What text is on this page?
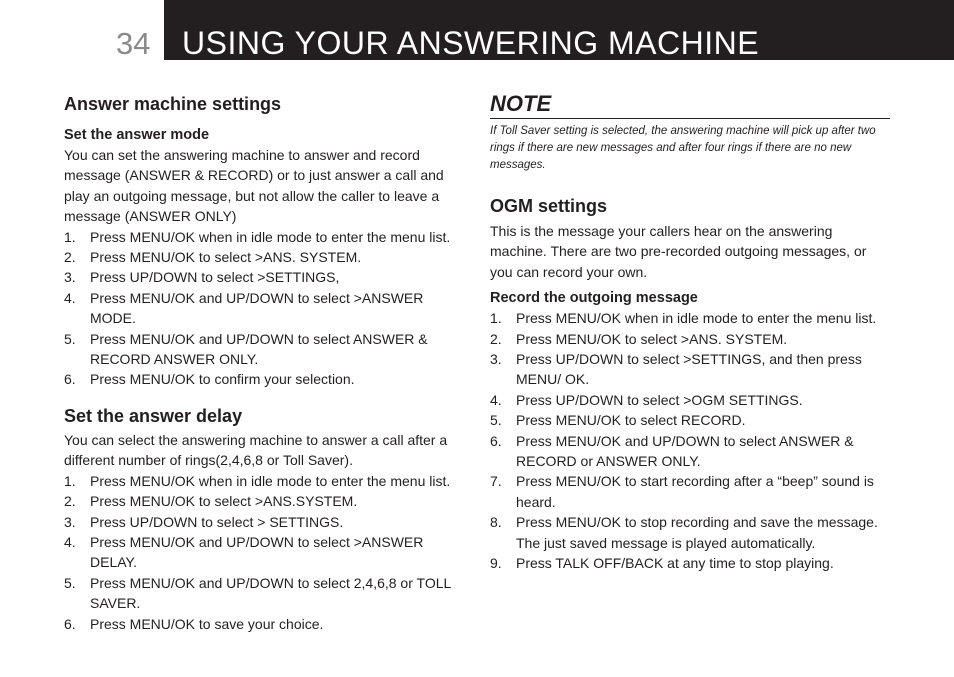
34 USING YOUR ANSWERING MACHINE
Answer machine settings
Set the answer mode

You can set the answering machine to answer and record message (ANSWER & RECORD) or to just answer a call and play an outgoing message, but not allow the caller to leave a message (ANSWER ONLY)

1. Press MENU/OK when in idle mode to enter the menu list.
2. Press MENU/OK to select >ANS. SYSTEM.
3. Press UP/DOWN to select >SETTINGS,
4. Press MENU/OK and UP/DOWN to select >ANSWER MODE.
5. Press MENU/OK and UP/DOWN to select ANSWER & RECORD ANSWER ONLY.
6. Press MENU/OK to confirm your selection.
Set the answer delay

You can select the answering machine to answer a call after a different number of rings(2,4,6,8 or Toll Saver).

1. Press MENU/OK when in idle mode to enter the menu list.
2. Press MENU/OK to select >ANS.SYSTEM.
3. Press UP/DOWN to select > SETTINGS.
4. Press MENU/OK and UP/DOWN to select >ANSWER DELAY.
5. Press MENU/OK and UP/DOWN to select 2,4,6,8 or TOLL SAVER.
6. Press MENU/OK to save your choice.
NOTE

If Toll Saver setting is selected, the answering machine will pick up after two rings if there are new messages and after four rings if there are no new messages.

OGM settings

This is the message your callers hear on the answering machine. There are two pre-recorded outgoing messages, or you can record your own.

Record the outgoing message
1. Press MENU/OK when in idle mode to enter the menu list.
2. Press MENU/OK to select >ANS. SYSTEM.
3. Press UP/DOWN to select >SETTINGS, and then press MENU/ OK.
4. Press UP/DOWN to select >OGM SETTINGS.
5. Press MENU/OK to select RECORD.
6. Press MENU/OK and UP/DOWN to select ANSWER & RECORD or ANSWER ONLY.
7. Press MENU/OK to start recording after a “beep” sound is heard.
8. Press MENU/OK to stop recording and save the message. The just saved message is played automatically.
9. Press TALK OFF/BACK at any time to stop playing.
